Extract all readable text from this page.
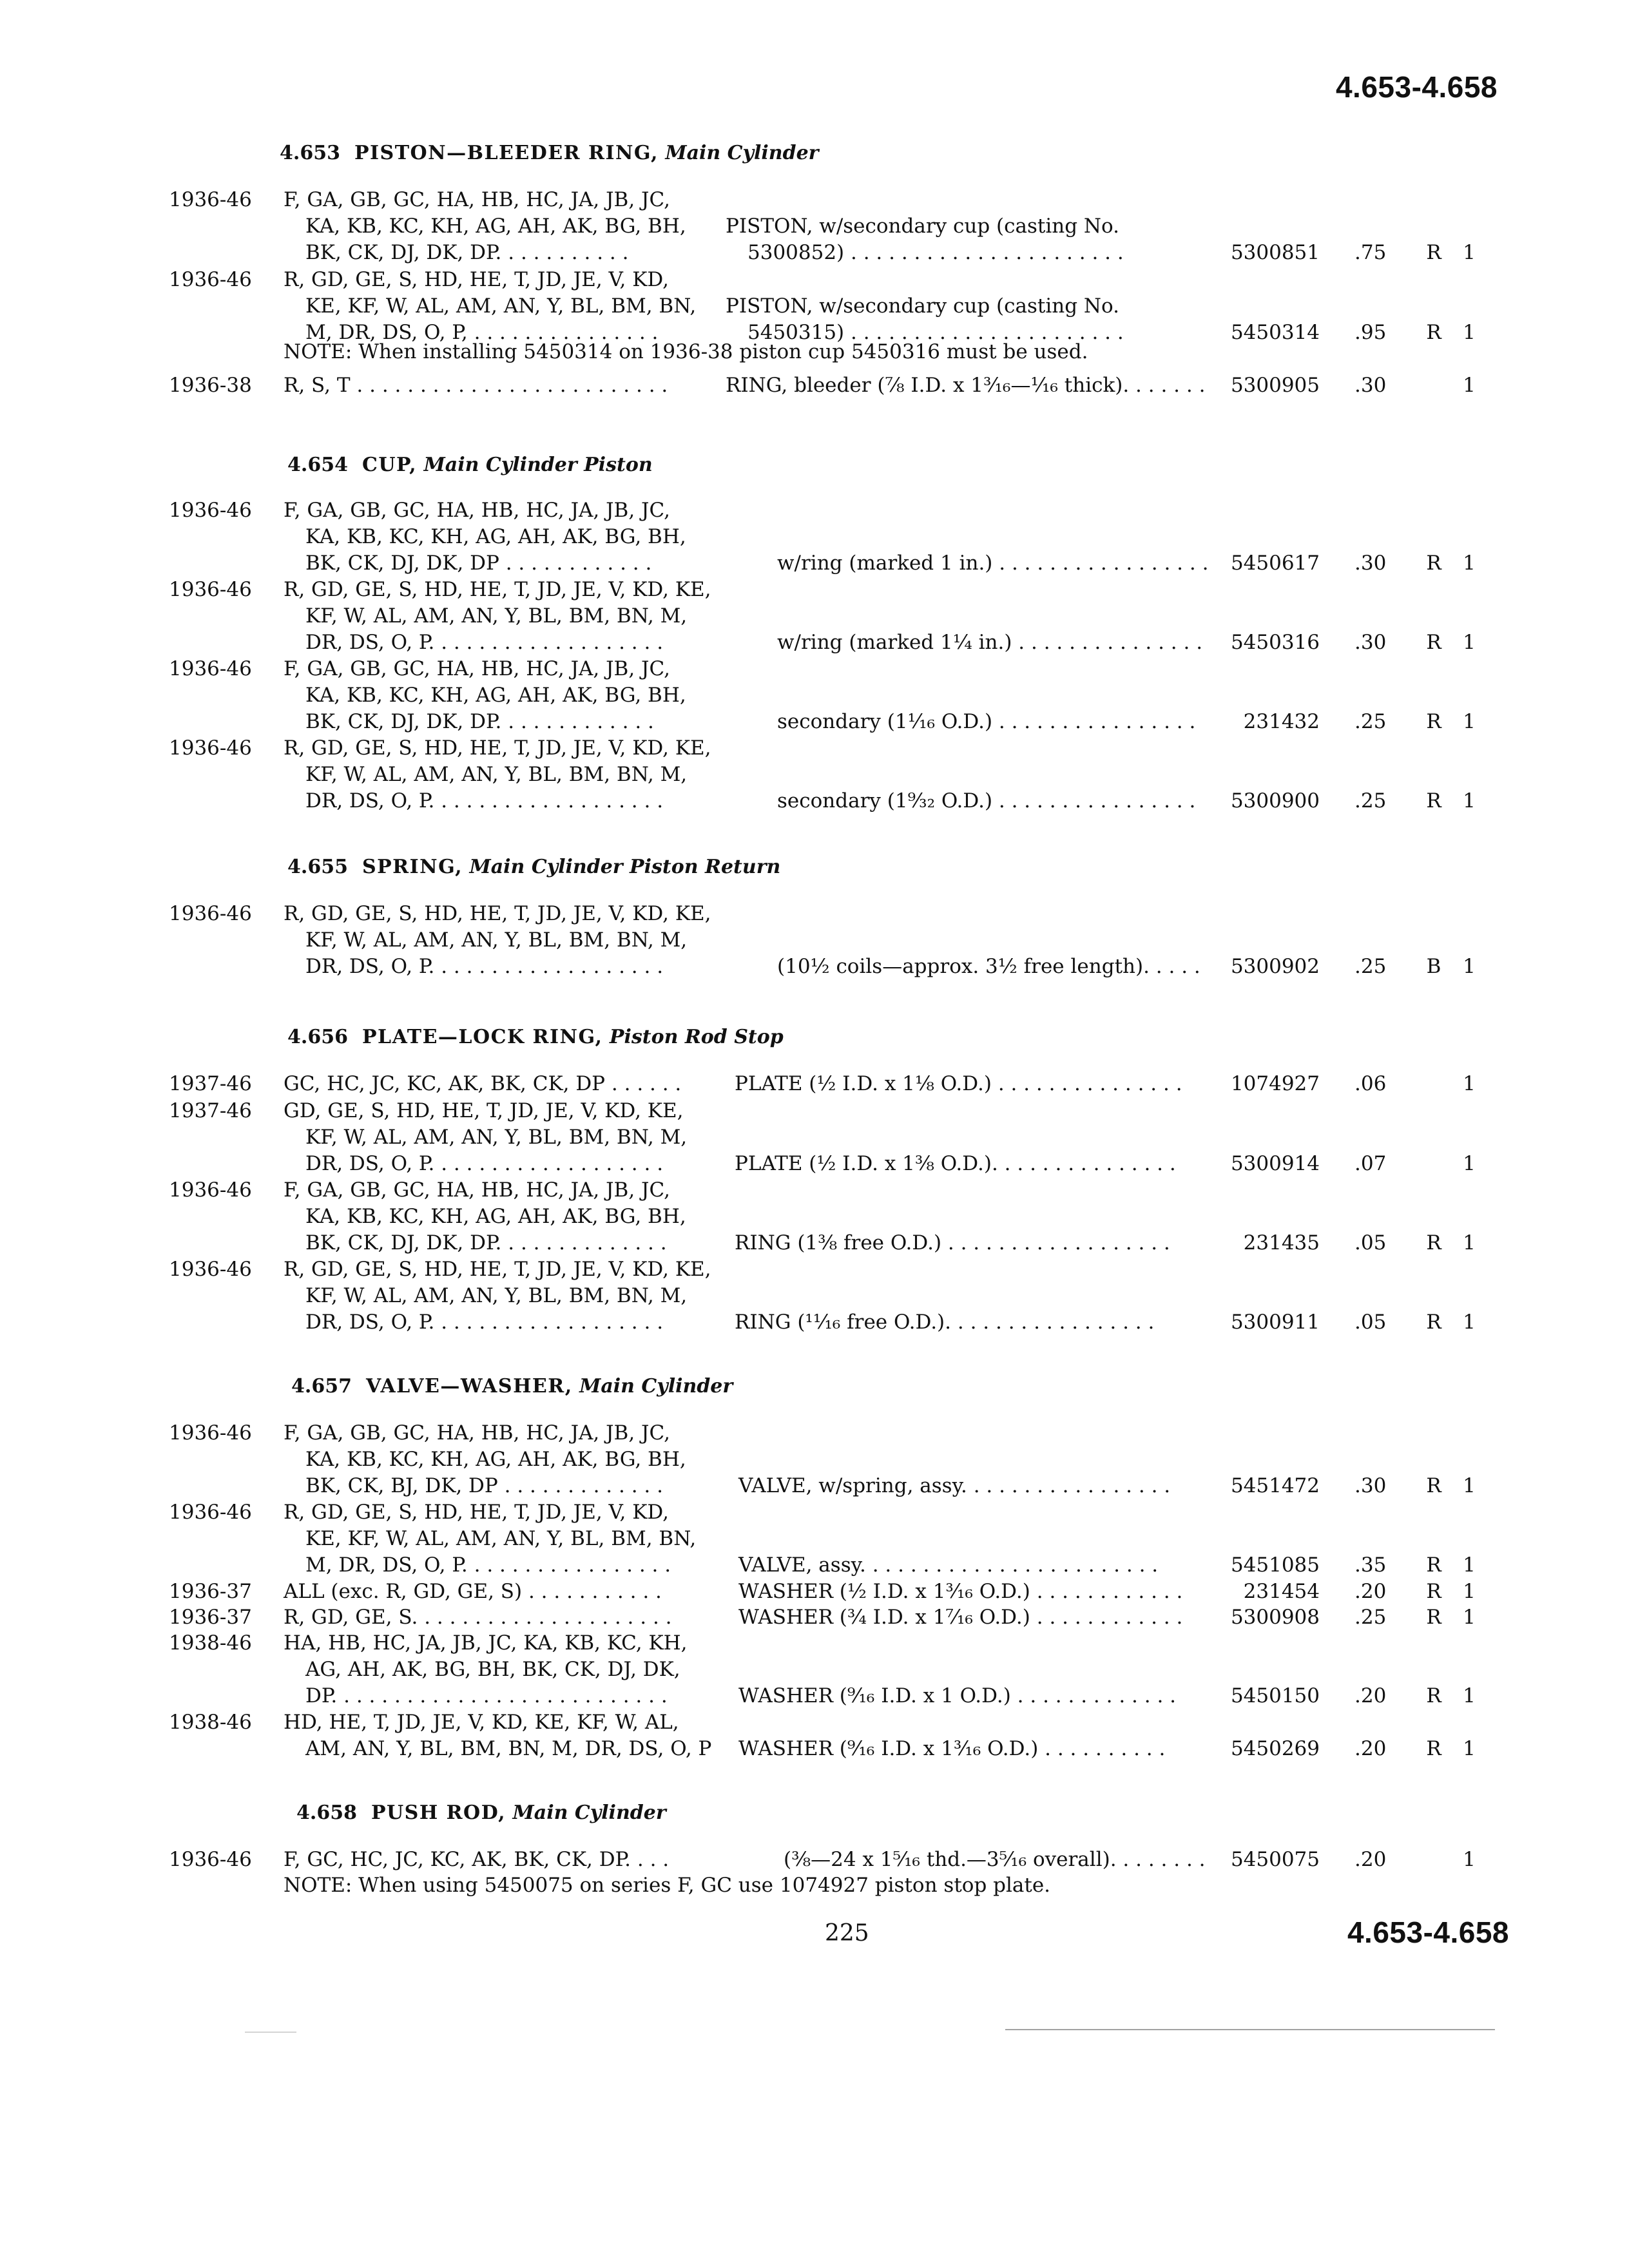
4.653-4.658
4.653 PISTON—BLEEDER RING, Main Cylinder
1936-46	F, GA, GB, GC, HA, HB, HC, JA, JB, JC,
KA, KB, KC, KH, AG, AH, AK, BG, BH,
BK, CK, DJ, DK, DP. . . . . . . . . . .
PISTON, w/secondary cup (casting No.
5300852) . . . . . . . . . . . . . . . . . . . . . .	5300851 .75	R	1
1936-46	R, GD, GE, S, HD, HE, T, JD, JE, V, KD,
KE, KF, W, AL, AM, AN, Y, BL, BM, BN,
M, DR, DS, O, P, . . . . . . . . . . . . . . .
PISTON, w/secondary cup (casting No.
5450315) . . . . . . . . . . . . . . . . . . . . . .	5450314 .95	R	1
1936-38	R, S, T . . . . . . . . . . . . . . . . . . . . . . . . .	RING, bleeder (⅞ I.D. x 1³⁄₁₆—¹⁄₁₆ thick). . . . . . .	5300905 .30	1
NOTE: When installing 5450314 on 1936-38 piston cup 5450316 must be used.
4.654 CUP, Main Cylinder Piston
1936-46	F, GA, GB, GC, HA, HB, HC, JA, JB, JC,
KA, KB, KC, KH, AG, AH, AK, BG, BH,
BK, CK, DJ, DK, DP . . . . . . . . . . . .	w/ring (marked 1 in.) . . . . . . . . . . . . . . . . .	5450617 .30	R	1
1936-46	R, GD, GE, S, HD, HE, T, JD, JE, V, KD, KE,
KF, W, AL, AM, AN, Y, BL, BM, BN, M,
DR, DS, O, P. . . . . . . . . . . . . . . . . . .	w/ring (marked 1¼ in.) . . . . . . . . . . . . . . .	5450316 .30	R	1
1936-46	F, GA, GB, GC, HA, HB, HC, JA, JB, JC,
KA, KB, KC, KH, AG, AH, AK, BG, BH,
BK, CK, DJ, DK, DP. . . . . . . . . . . . .	secondary (1¹⁄₁₆ O.D.) . . . . . . . . . . . . . . . .	231432 .25	R	1
1936-46	R, GD, GE, S, HD, HE, T, JD, JE, V, KD, KE,
KF, W, AL, AM, AN, Y, BL, BM, BN, M,
DR, DS, O, P. . . . . . . . . . . . . . . . . . .	secondary (1⁹⁄₃₂ O.D.) . . . . . . . . . . . . . . . .	5300900 .25	R	1
4.655 SPRING, Main Cylinder Piston Return
1936-46	R, GD, GE, S, HD, HE, T, JD, JE, V, KD, KE,
KF, W, AL, AM, AN, Y, BL, BM, BN, M,
DR, DS, O, P. . . . . . . . . . . . . . . . . . .	(10½ coils—approx. 3½ free length). . . . .	5300902 .25	B	1
4.656 PLATE—LOCK RING, Piston Rod Stop
1937-46	GC, HC, JC, KC, AK, BK, CK, DP . . . . . .	PLATE (½ I.D. x 1⅛ O.D.) . . . . . . . . . . . . . . .	1074927 .06	1
1937-46	GD, GE, S, HD, HE, T, JD, JE, V, KD, KE,
KF, W, AL, AM, AN, Y, BL, BM, BN, M,
DR, DS, O, P. . . . . . . . . . . . . . . . . . .	PLATE (½ I.D. x 1⅜ O.D.). . . . . . . . . . . . . . .	5300914 .07	1
1936-46	F, GA, GB, GC, HA, HB, HC, JA, JB, JC,
KA, KB, KC, KH, AG, AH, AK, BG, BH,
BK, CK, DJ, DK, DP. . . . . . . . . . . . . .	RING (1⅜ free O.D.) . . . . . . . . . . . . . . . . . .	231435 .05	R	1
1936-46	R, GD, GE, S, HD, HE, T, JD, JE, V, KD, KE,
KF, W, AL, AM, AN, Y, BL, BM, BN, M,
DR, DS, O, P. . . . . . . . . . . . . . . . . . .	RING (¹¹⁄₁₆ free O.D.). . . . . . . . . . . . . . . . .	5300911 .05	R	1
4.657 VALVE—WASHER, Main Cylinder
1936-46	F, GA, GB, GC, HA, HB, HC, JA, JB, JC,
KA, KB, KC, KH, AG, AH, AK, BG, BH,
BK, CK, BJ, DK, DP . . . . . . . . . . . . .	VALVE, w/spring, assy. . . . . . . . . . . . . . . . .	5451472 .30	R	1
1936-46	R, GD, GE, S, HD, HE, T, JD, JE, V, KD,
KE, KF, W, AL, AM, AN, Y, BL, BM, BN,
M, DR, DS, O, P. . . . . . . . . . . . . . . . .	VALVE, assy. . . . . . . . . . . . . . . . . . . . . . . .	5451085 .35	R	1
1936-37	ALL (exc. R, GD, GE, S) . . . . . . . . . . .	WASHER (½ I.D. x 1³⁄₁₆ O.D.) . . . . . . . . . . . .	231454 .20	R	1
1936-37	R, GD, GE, S. . . . . . . . . . . . . . . . . . . . .	WASHER (¾ I.D. x 1⁷⁄₁₆ O.D.) . . . . . . . . . . . .	5300908 .25	R	1
1938-46	HA, HB, HC, JA, JB, JC, KA, KB, KC, KH,
AG, AH, AK, BG, BH, BK, CK, DJ, DK,
DP. . . . . . . . . . . . . . . . . . . . . . . . . . .	WASHER (⁹⁄₁₆ I.D. x 1 O.D.) . . . . . . . . . . . . .	5450150 .20	R	1
1938-46	HD, HE, T, JD, JE, V, KD, KE, KF, W, AL,
AM, AN, Y, BL, BM, BN, M, DR, DS, O, P WASHER (⁹⁄₁₆ I.D. x 1³⁄₁₆ O.D.) . . . . . . . . . .	5450269 .20	R	1
4.658 PUSH ROD, Main Cylinder
1936-46	F, GC, HC, JC, KC, AK, BK, CK, DP. . . .	(⅜—24 x 1⁵⁄₁₆ thd.—3⁵⁄₁₆ overall). . . . . . . .	5450075 .20	1
NOTE: When using 5450075 on series F, GC use 1074927 piston stop plate.
225	4.653-4.658
